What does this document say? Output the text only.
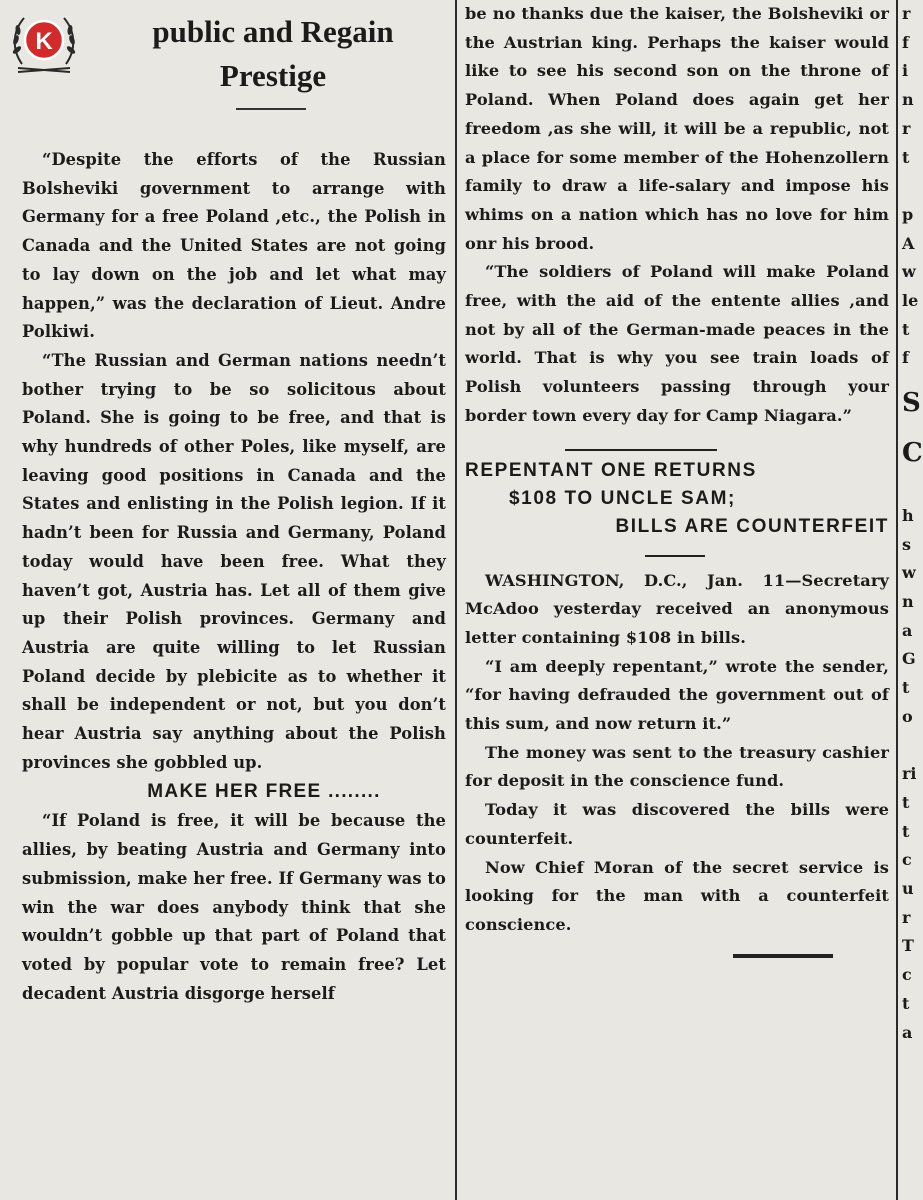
K	public and Regain
Prestige

“Despite the efforts of the Russian Bolsheviki government to arrange with Germany for a free Poland ,etc., the Polish in Canada and the United States are not going to lay down on the job and let what may happen,” was the declaration of Lieut. Andre Polkiwi.

“The Russian and German nations needn’t bother trying to be so solicitous about Poland. She is going to be free, and that is why hundreds of other Poles, like myself, are leaving good positions in Canada and the States and enlisting in the Polish legion. If it hadn’t been for Russia and Germany, Poland today would have been free. What they haven’t got, Austria has. Let all of them give up their Polish provinces. Germany and Austria are quite willing to let Russian Poland decide by plebicite as to whether it shall be independent or not, but you don’t hear Austria say anything about the Polish provinces she gobbled up.

MAKE HER FREE ........

“If Poland is free, it will be because the allies, by beating Austria and Germany into submission, make her free. If Germany was to win the war does anybody think that she wouldn’t gobble up that part of Poland that voted by popular vote to remain free? Let decadent Austria disgorge herself

be no thanks due the kaiser, the Bolsheviki or the Austrian king. Perhaps the kaiser would like to see his second son on the throne of Poland. When Poland does again get her freedom ,as she will, it will be a republic, not a place for some member of the Hohenzollern family to draw a life-salary and impose his whims on a nation which has no love for him onr his brood.

“The soldiers of Poland will make Poland free, with the aid of the entente allies ,and not by all of the German-made peaces in the world. That is why you see train loads of Polish volunteers passing through your border town every day for Camp Niagara.”

REPENTANT ONE RETURNS

$108 TO UNCLE SAM;

BILLS ARE COUNTERFEIT

WASHINGTON, D.C., Jan. 11—Secretary McAdoo yesterday received an anonymous letter containing $108 in bills.

“I am deeply repentant,” wrote the sender, “for having defrauded the government out of this sum, and now return it.”

The money was sent to the treasury cashier for deposit in the conscience fund.

Today it was discovered the bills were counterfeit.

Now Chief Moran of the secret service is looking for the man with a counterfeit conscience.

r

f

i

n

r

t

p

A

w

le

t

f

S

C

h

s

w

n

a

G

t

o

ri

t

t

c

u

r

T

c

t

a
